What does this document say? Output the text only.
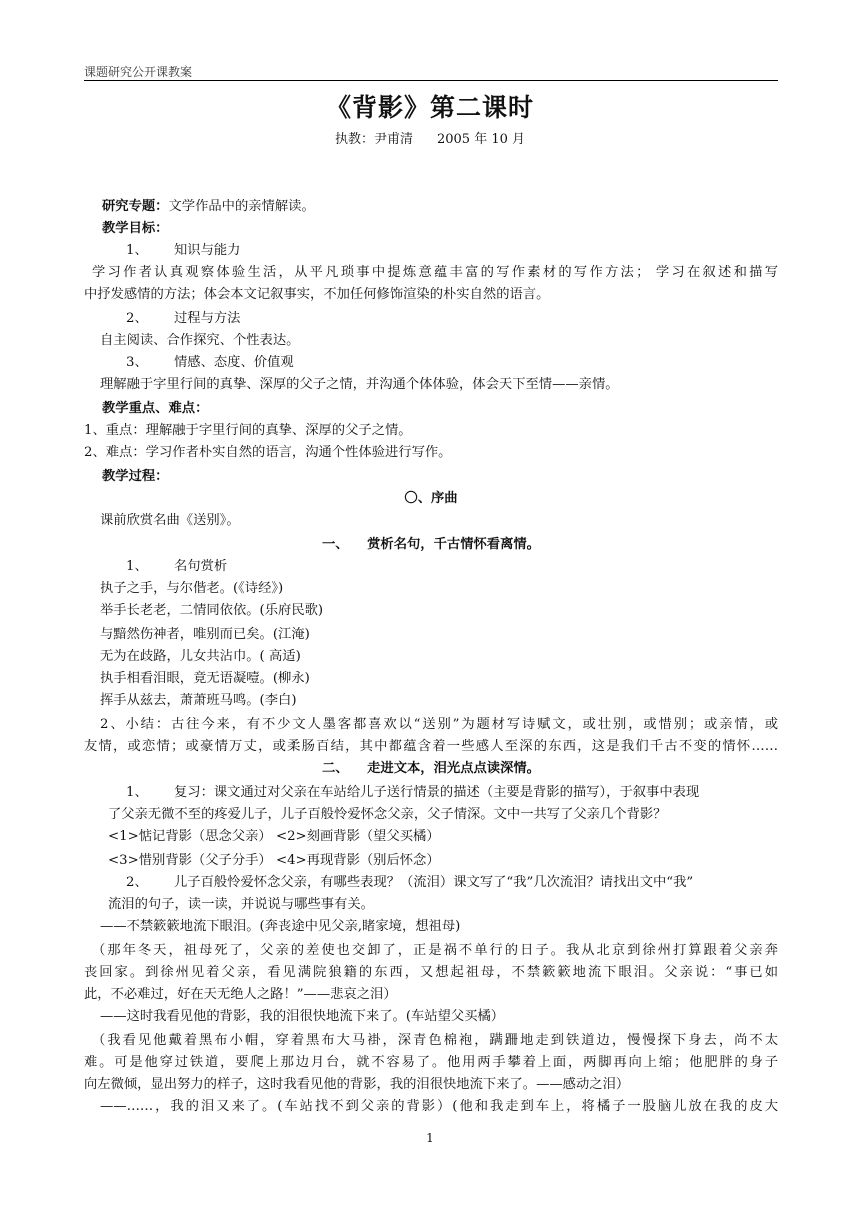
课题研究公开课教案
《背影》第二课时
执教：尹甫清 2005 年 10 月
研究专题：文学作品中的亲情解读。
教学目标：
1、 知识与能力
学习作者认真观察体验生活，从平凡琐事中提炼意蕴丰富的写作素材的写作方法； 学习在叙述和描写
中抒发感情的方法；体会本文记叙事实，不加任何修饰渲染的朴实自然的语言。
2、 过程与方法
自主阅读、合作探究、个性表达。
3、 情感、态度、价值观
理解融于字里行间的真挚、深厚的父子之情，并沟通个体体验，体会天下至情——亲情。
教学重点、难点：
1、重点：理解融于字里行间的真挚、深厚的父子之情。
2、难点：学习作者朴实自然的语言，沟通个性体验进行写作。
教学过程：
〇、序曲
课前欣赏名曲《送别》。
一、    赏析名句，千古情怀看离情。
1、 名句赏析
执子之手，与尔偕老。(《诗经》)
举手长老老，二情同依依。(乐府民歌)
与黯然伤神者，唯别而已矣。(江淹)
无为在歧路，儿女共沾巾。( 高适)
执手相看泪眼，竟无语凝噎。(柳永)
挥手从兹去，萧萧班马鸣。(李白)
2、小结：古往今来，有不少文人墨客都喜欢以“送别”为题材写诗赋文，或壮别，或惜别；或亲情，或
友情，或恋情；或豪情万丈，或柔肠百结，其中都蕴含着一些感人至深的东西，这是我们千古不变的情怀……
二、    走进文本，泪光点点读深情。
1、 复习：课文通过对父亲在车站给儿子送行情景的描述（主要是背影的描写），于叙事中表现
了父亲无微不至的疼爱儿子，儿子百般怜爱怀念父亲，父子情深。文中一共写了父亲几个背影？
<1>惦记背影（思念父亲） <2>刻画背影（望父买橘）
<3>惜别背影（父子分手） <4>再现背影（别后怀念）
2、 儿子百般怜爱怀念父亲，有哪些表现？（流泪）课文写了“我”几次流泪？请找出文中“我”
流泪的句子，读一读，并说说与哪些事有关。
——不禁簌簌地流下眼泪。(奔丧途中见父亲,睹家境，想祖母)
（那年冬天，祖母死了，父亲的差使也交卸了，正是祸不单行的日子。我从北京到徐州打算跟着父亲奔
丧回家。到徐州见着父亲，看见满院狼籍的东西，又想起祖母，不禁簌簌地流下眼泪。父亲说：“事已如
此，不必难过，好在天无绝人之路！”——悲哀之泪）
——这时我看见他的背影，我的泪很快地流下来了。(车站望父买橘）
（我看见他戴着黑布小帽，穿着黑布大马褂，深青色棉袍，蹒跚地走到铁道边，慢慢探下身去，尚不太
难。可是他穿过铁道，要爬上那边月台，就不容易了。他用两手攀着上面，两脚再向上缩；他肥胖的身子
向左微倾，显出努力的样子，这时我看见他的背影，我的泪很快地流下来了。——感动之泪）
——……，我的泪又来了。(车站找不到父亲的背影）(他和我走到车上，将橘子一股脑儿放在我的皮大
1
